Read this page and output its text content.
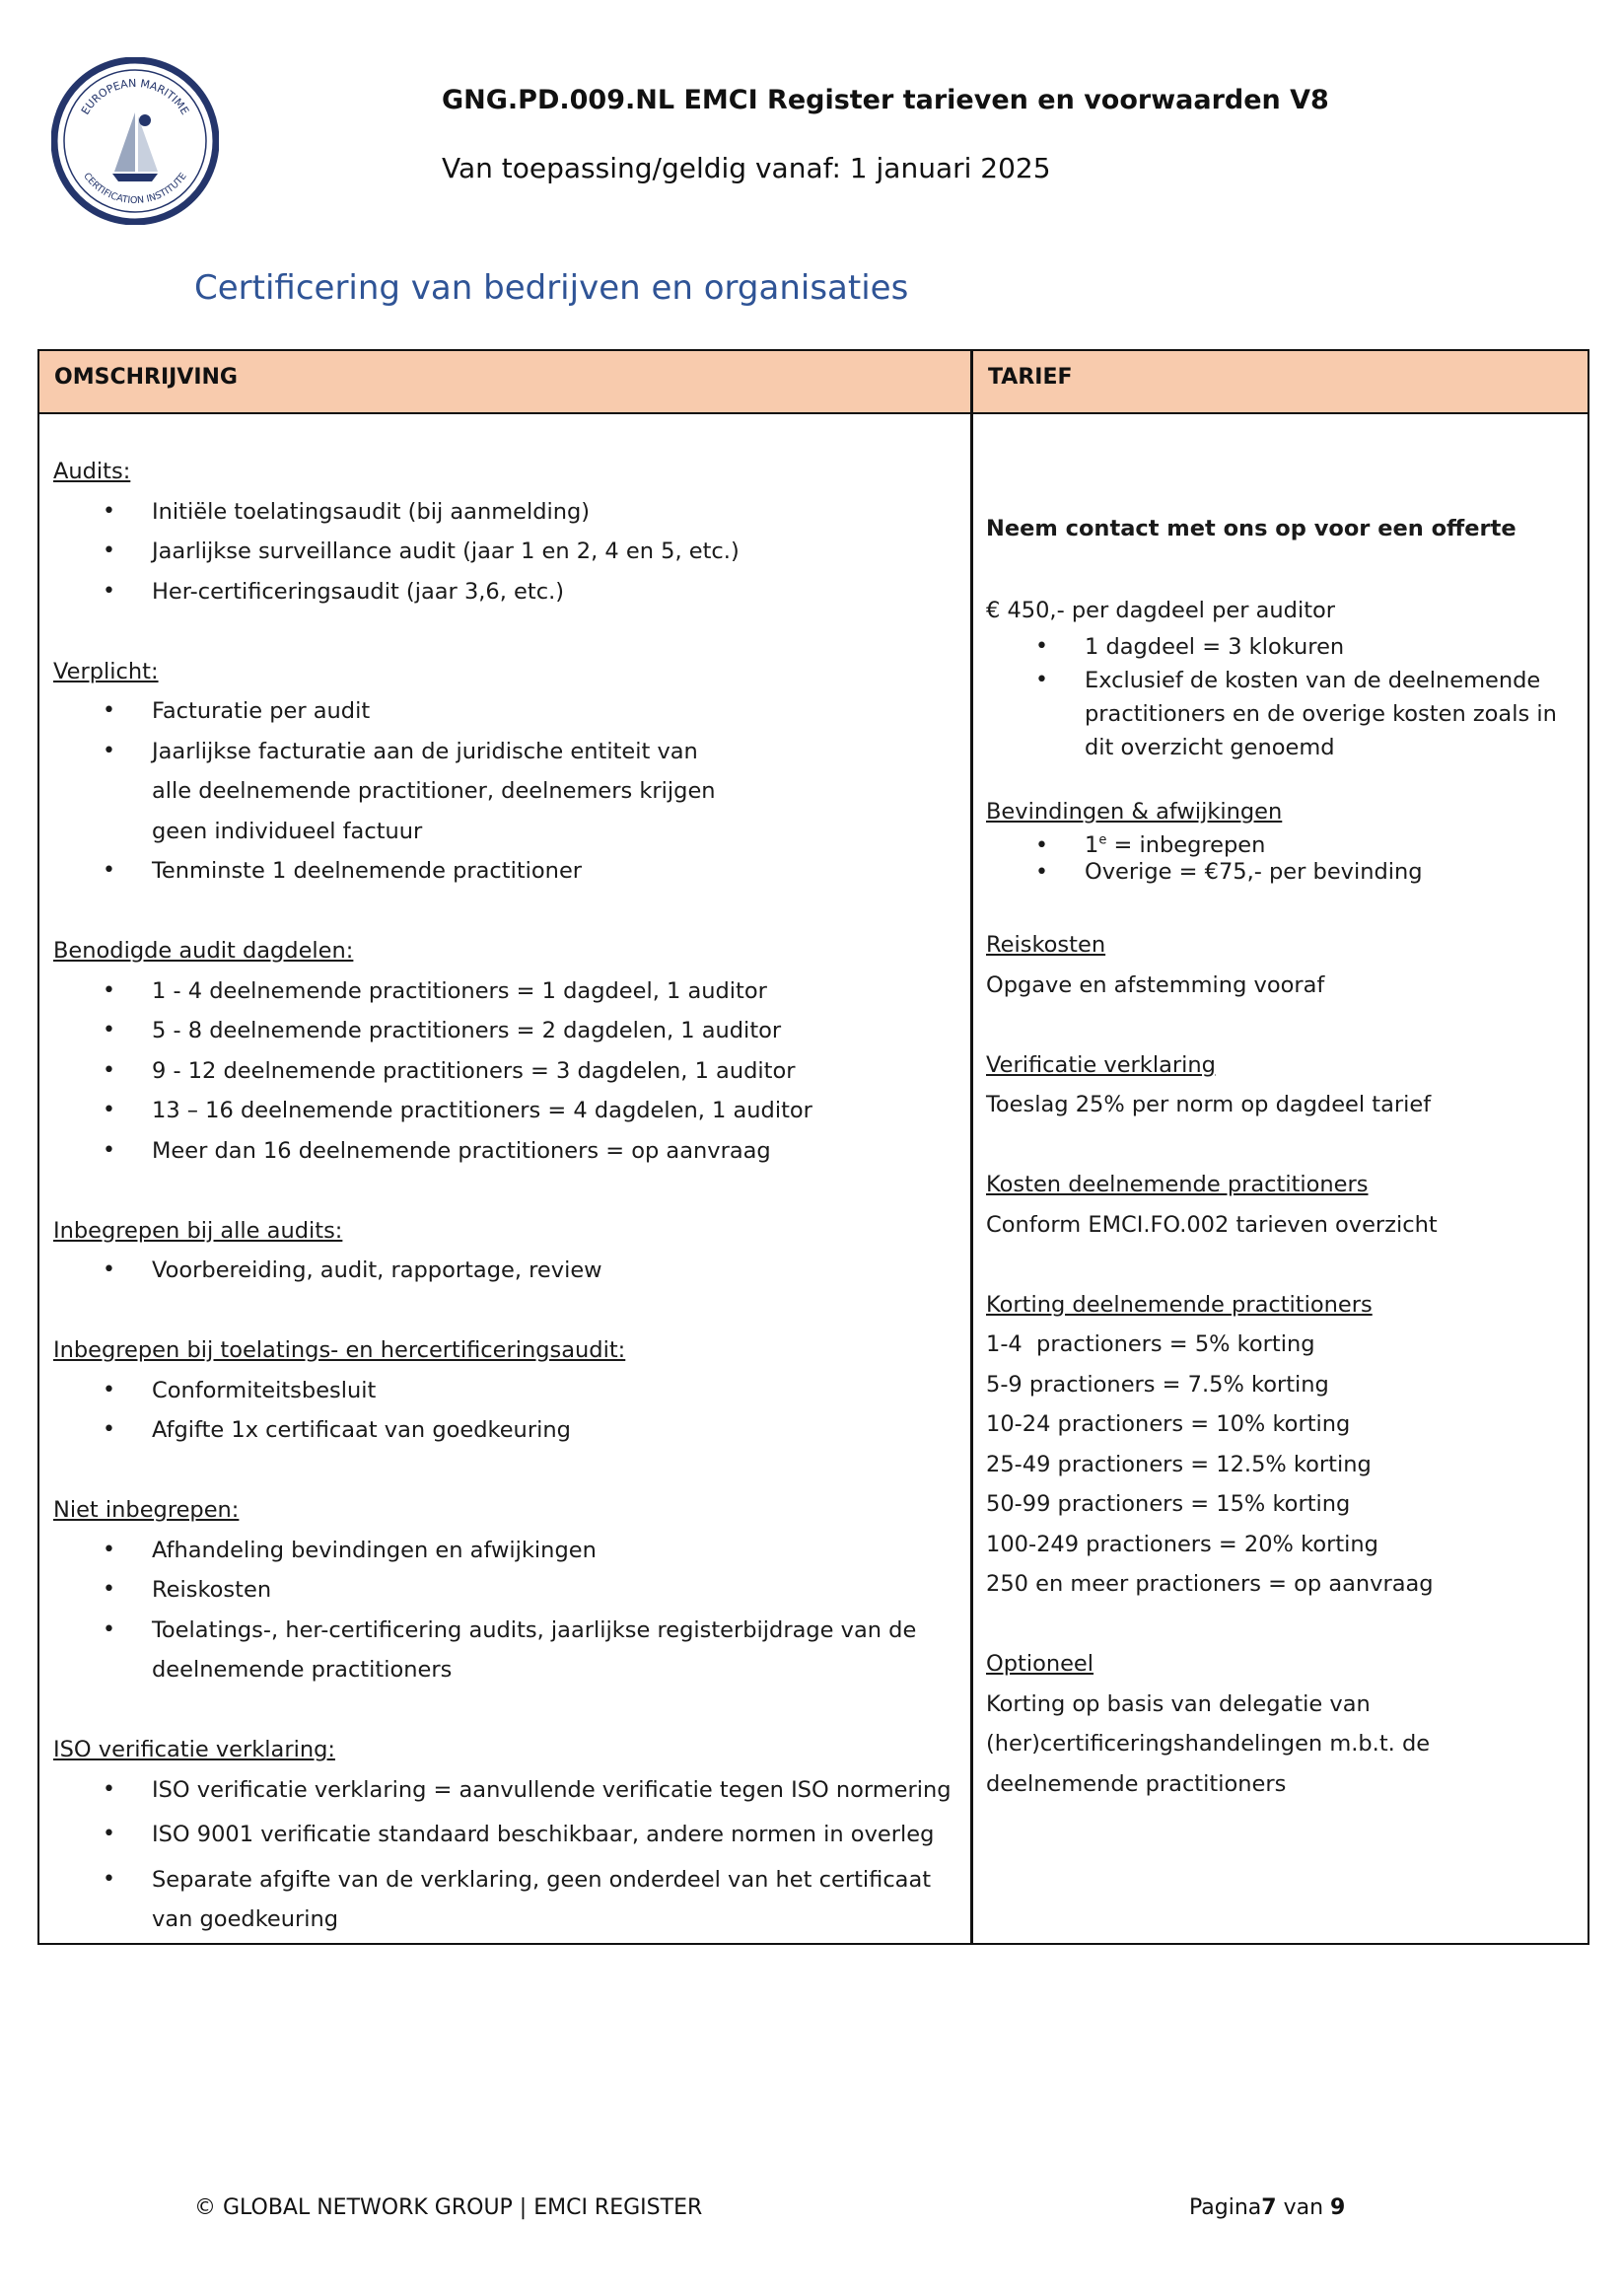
EUROPEAN MARITIME
CERTIFICATION INSTITUTE
GNG.PD.009.NL EMCI Register tarieven en voorwaarden V8
Van toepassing/geldig vanaf: 1 januari 2025
Certificering van bedrijven en organisaties
OMSCHRIJVING	TARIEF
Audits:
• Initiële toelatingsaudit (bij aanmelding)
• Jaarlijkse surveillance audit (jaar 1 en 2, 4 en 5, etc.)
• Her-certificeringsaudit (jaar 3,6, etc.)
Verplicht:
• Facturatie per audit
• Jaarlijkse facturatie aan de juridische entiteit van alle deelnemende practitioner, deelnemers krijgen geen individueel factuur
• Tenminste 1 deelnemende practitioner
Benodigde audit dagdelen:
• 1 - 4 deelnemende practitioners = 1 dagdeel, 1 auditor
• 5 - 8 deelnemende practitioners = 2 dagdelen, 1 auditor
• 9 - 12 deelnemende practitioners = 3 dagdelen, 1 auditor
• 13 – 16 deelnemende practitioners = 4 dagdelen, 1 auditor
• Meer dan 16 deelnemende practitioners = op aanvraag
Inbegrepen bij alle audits:
• Voorbereiding, audit, rapportage, review
Inbegrepen bij toelatings- en hercertificeringsaudit:
• Conformiteitsbesluit
• Afgifte 1x certificaat van goedkeuring
Niet inbegrepen:
• Afhandeling bevindingen en afwijkingen
• Reiskosten
• Toelatings-, her-certificering audits, jaarlijkse registerbijdrage van de deelnemende practitioners
ISO verificatie verklaring:
• ISO verificatie verklaring = aanvullende verificatie tegen ISO normering
• ISO 9001 verificatie standaard beschikbaar, andere normen in overleg
• Separate afgifte van de verklaring, geen onderdeel van het certificaat van goedkeuring
Neem contact met ons op voor een offerte
€ 450,- per dagdeel per auditor
• 1 dagdeel = 3 klokuren
• Exclusief de kosten van de deelnemende practitioners en de overige kosten zoals in dit overzicht genoemd
Bevindingen & afwijkingen
• $1^e$ = inbegrepen
• Overige = €75,- per bevinding
Reiskosten
Opgave en afstemming vooraf
Verificatie verklaring
Toeslag 25% per norm op dagdeel tarief
Kosten deelnemende practitioners
Conform EMCI.FO.002 tarieven overzicht
Korting deelnemende practitioners
1-4  practioners = 5% korting
5-9 practioners = 7.5% korting
10-24 practioners = 10% korting
25-49 practioners = 12.5% korting
50-99 practioners = 15% korting
100-249 practioners = 20% korting
250 en meer practioners = op aanvraag
Optioneel
Korting op basis van delegatie van (her)certificeringshandelingen m.b.t. de deelnemende practitioners
© GLOBAL NETWORK GROUP | EMCI REGISTER	Pagina7 van 9
